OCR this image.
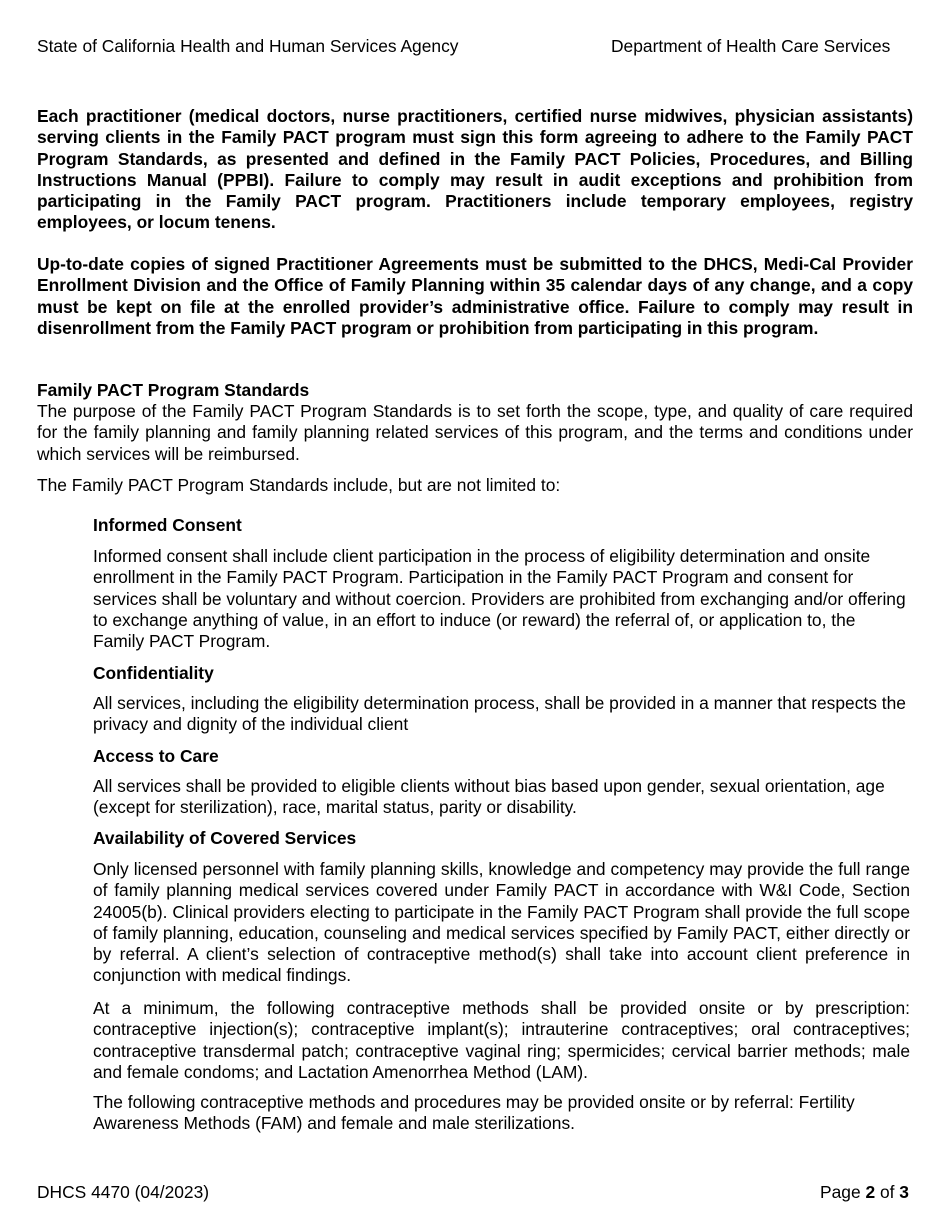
State of California Health and Human Services Agency	Department of Health Care Services

Each practitioner (medical doctors, nurse practitioners, certified nurse midwives, physician assistants) serving clients in the Family PACT program must sign this form agreeing to adhere to the Family PACT Program Standards, as presented and defined in the Family PACT Policies, Procedures, and Billing Instructions Manual (PPBI). Failure to comply may result in audit exceptions and prohibition from participating in the Family PACT program. Practitioners include temporary employees, registry employees, or locum tenens.

Up-to-date copies of signed Practitioner Agreements must be submitted to the DHCS, Medi-Cal Provider Enrollment Division and the Office of Family Planning within 35 calendar days of any change, and a copy must be kept on file at the enrolled provider’s administrative office. Failure to comply may result in disenrollment from the Family PACT program or prohibition from participating in this program.

Family PACT Program Standards

The purpose of the Family PACT Program Standards is to set forth the scope, type, and quality of care required for the family planning and family planning related services of this program, and the terms and conditions under which services will be reimbursed.

The Family PACT Program Standards include, but are not limited to:

Informed Consent

Informed consent shall include client participation in the process of eligibility determination and onsite enrollment in the Family PACT Program. Participation in the Family PACT Program and consent for services shall be voluntary and without coercion. Providers are prohibited from exchanging and/or offering to exchange anything of value, in an effort to induce (or reward) the referral of, or application to, the Family PACT Program.

Confidentiality

All services, including the eligibility determination process, shall be provided in a manner that respects the privacy and dignity of the individual client

Access to Care

All services shall be provided to eligible clients without bias based upon gender, sexual orientation, age (except for sterilization), race, marital status, parity or disability.

Availability of Covered Services

Only licensed personnel with family planning skills, knowledge and competency may provide the full range of family planning medical services covered under Family PACT in accordance with W&I Code, Section 24005(b). Clinical providers electing to participate in the Family PACT Program shall provide the full scope of family planning, education, counseling and medical services specified by Family PACT, either directly or by referral. A client’s selection of contraceptive method(s) shall take into account client preference in conjunction with medical findings.

At a minimum, the following contraceptive methods shall be provided onsite or by prescription: contraceptive injection(s); contraceptive implant(s); intrauterine contraceptives; oral contraceptives; contraceptive transdermal patch; contraceptive vaginal ring; spermicides; cervical barrier methods; male and female condoms; and Lactation Amenorrhea Method (LAM).

The following contraceptive methods and procedures may be provided onsite or by referral: Fertility Awareness Methods (FAM) and female and male sterilizations.

DHCS 4470 (04/2023)	Page 2 of 3
